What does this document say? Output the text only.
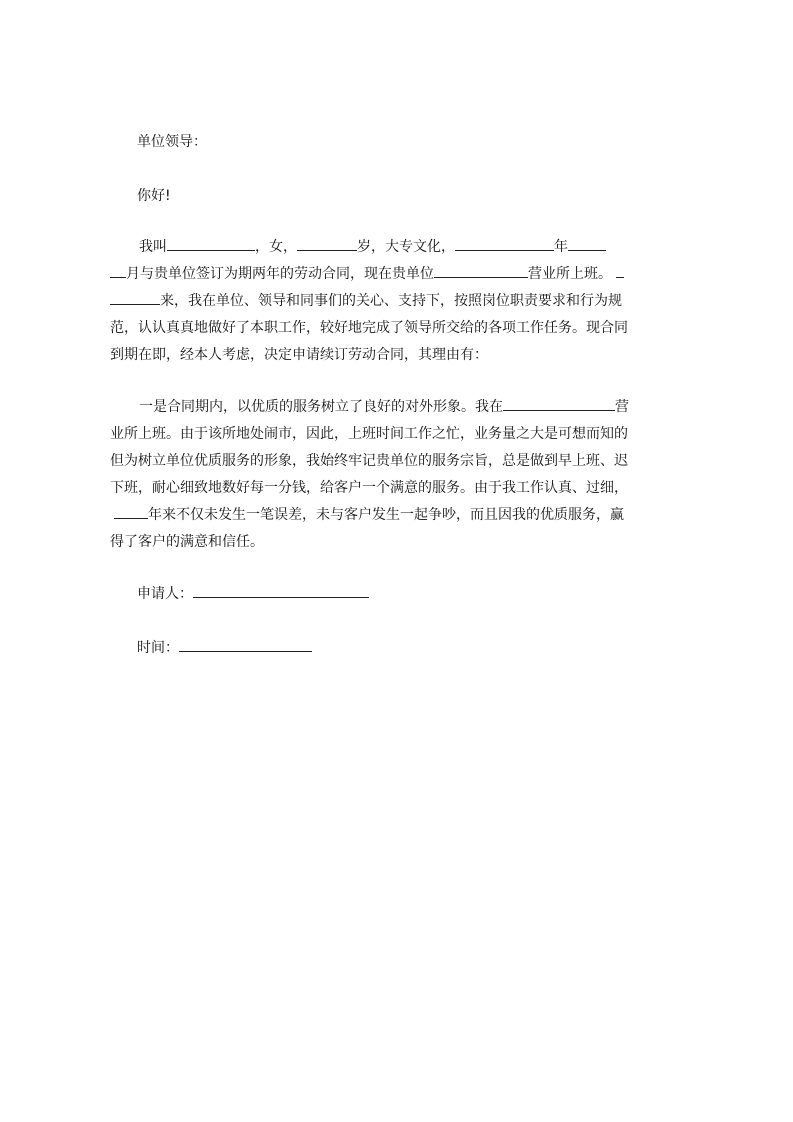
单位领导：
你好!
我叫	，女，	岁，大专文化，	年
月与贵单位签订为期两年的劳动合同，现在贵单位	营业所上班。
来，我在单位、领导和同事们的关心、支持下，按照岗位职责要求和行为规
范，认认真真地做好了本职工作，较好地完成了领导所交给的各项工作任务。现合同
到期在即，经本人考虑，决定申请续订劳动合同，其理由有：
一是合同期内，以优质的服务树立了良好的对外形象。我在	营
业所上班。由于该所地处闹市，因此，上班时间工作之忙，业务量之大是可想而知的
但为树立单位优质服务的形象，我始终牢记贵单位的服务宗旨，总是做到早上班、迟
下班，耐心细致地数好每一分钱，给客户一个满意的服务。由于我工作认真、过细，
年来不仅未发生一笔误差，未与客户发生一起争吵，而且因我的优质服务，赢
得了客户的满意和信任。
申请人：
时间：
